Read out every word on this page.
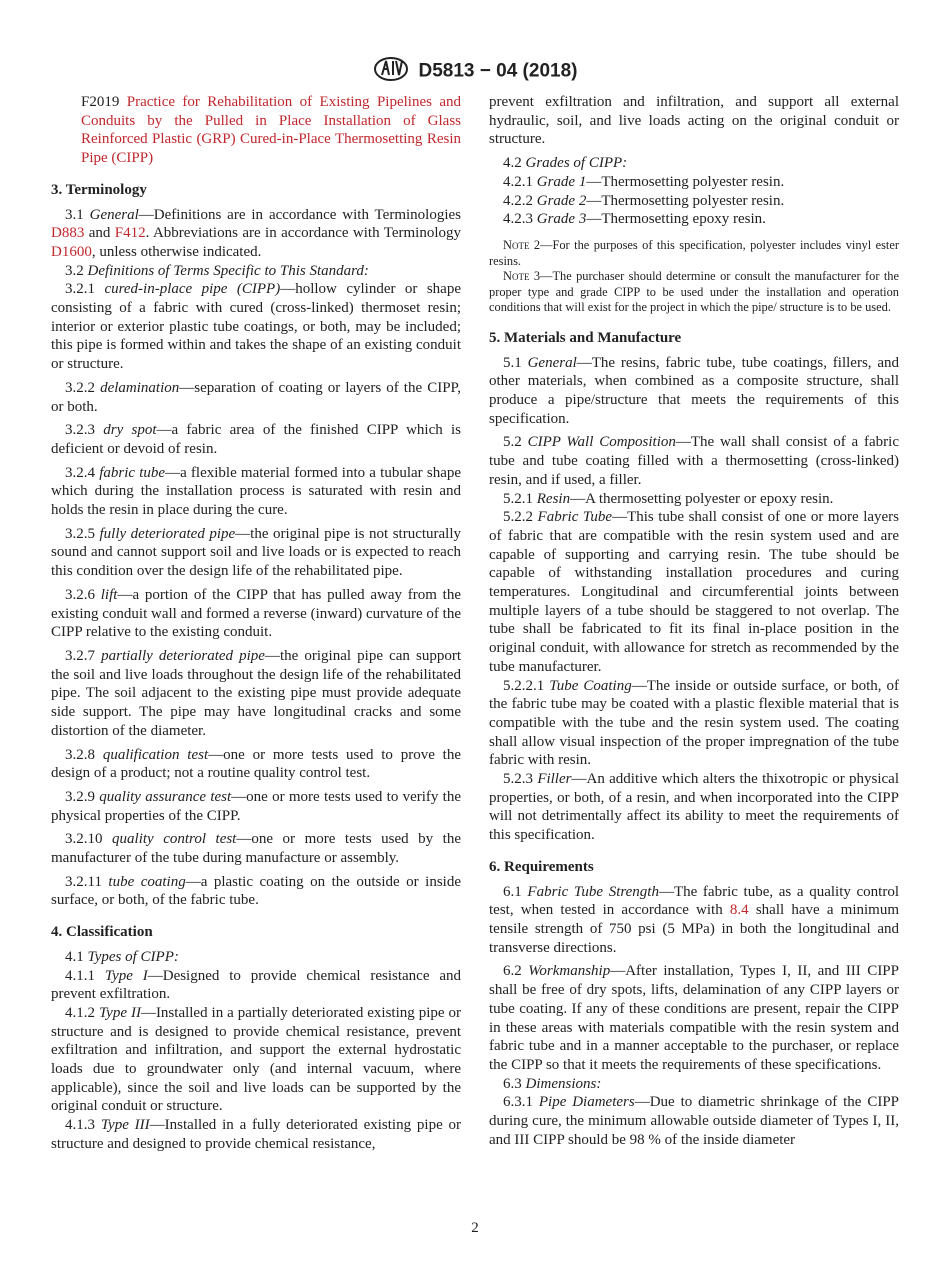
D5813 − 04 (2018)

F2019 Practice for Rehabilitation of Existing Pipelines and Conduits by the Pulled in Place Installation of Glass Reinforced Plastic (GRP) Cured-in-Place Thermosetting Resin Pipe (CIPP)

3. Terminology

3.1 General—Definitions are in accordance with Terminologies D883 and F412. Abbreviations are in accordance with Terminology D1600, unless otherwise indicated.

3.2 Definitions of Terms Specific to This Standard:

3.2.1 cured-in-place pipe (CIPP)—hollow cylinder or shape consisting of a fabric with cured (cross-linked) thermoset resin; interior or exterior plastic tube coatings, or both, may be included; this pipe is formed within and takes the shape of an existing conduit or structure.

3.2.2 delamination—separation of coating or layers of the CIPP, or both.

3.2.3 dry spot—a fabric area of the finished CIPP which is deficient or devoid of resin.

3.2.4 fabric tube—a flexible material formed into a tubular shape which during the installation process is saturated with resin and holds the resin in place during the cure.

3.2.5 fully deteriorated pipe—the original pipe is not structurally sound and cannot support soil and live loads or is expected to reach this condition over the design life of the rehabilitated pipe.

3.2.6 lift—a portion of the CIPP that has pulled away from the existing conduit wall and formed a reverse (inward) curvature of the CIPP relative to the existing conduit.

3.2.7 partially deteriorated pipe—the original pipe can support the soil and live loads throughout the design life of the rehabilitated pipe. The soil adjacent to the existing pipe must provide adequate side support. The pipe may have longitudinal cracks and some distortion of the diameter.

3.2.8 qualification test—one or more tests used to prove the design of a product; not a routine quality control test.

3.2.9 quality assurance test—one or more tests used to verify the physical properties of the CIPP.

3.2.10 quality control test—one or more tests used by the manufacturer of the tube during manufacture or assembly.

3.2.11 tube coating—a plastic coating on the outside or inside surface, or both, of the fabric tube.

4. Classification

4.1 Types of CIPP:

4.1.1 Type I—Designed to provide chemical resistance and prevent exfiltration.

4.1.2 Type II—Installed in a partially deteriorated existing pipe or structure and is designed to provide chemical resistance, prevent exfiltration and infiltration, and support the external hydrostatic loads due to groundwater only (and internal vacuum, where applicable), since the soil and live loads can be supported by the original conduit or structure.

4.1.3 Type III—Installed in a fully deteriorated existing pipe or structure and designed to provide chemical resistance,

prevent exfiltration and infiltration, and support all external hydraulic, soil, and live loads acting on the original conduit or structure.

4.2 Grades of CIPP:

4.2.1 Grade 1—Thermosetting polyester resin.

4.2.2 Grade 2—Thermosetting polyester resin.

4.2.3 Grade 3—Thermosetting epoxy resin.

Note 2—For the purposes of this specification, polyester includes vinyl ester resins.

Note 3—The purchaser should determine or consult the manufacturer for the proper type and grade CIPP to be used under the installation and operation conditions that will exist for the project in which the pipe/ structure is to be used.

5. Materials and Manufacture

5.1 General—The resins, fabric tube, tube coatings, fillers, and other materials, when combined as a composite structure, shall produce a pipe/structure that meets the requirements of this specification.

5.2 CIPP Wall Composition—The wall shall consist of a fabric tube and tube coating filled with a thermosetting (cross-linked) resin, and if used, a filler.

5.2.1 Resin—A thermosetting polyester or epoxy resin.

5.2.2 Fabric Tube—This tube shall consist of one or more layers of fabric that are compatible with the resin system used and are capable of supporting and carrying resin. The tube should be capable of withstanding installation procedures and curing temperatures. Longitudinal and circumferential joints between multiple layers of a tube should be staggered to not overlap. The tube shall be fabricated to fit its final in-place position in the original conduit, with allowance for stretch as recommended by the tube manufacturer.

5.2.2.1 Tube Coating—The inside or outside surface, or both, of the fabric tube may be coated with a plastic flexible material that is compatible with the tube and the resin system used. The coating shall allow visual inspection of the proper impregnation of the tube fabric with resin.

5.2.3 Filler—An additive which alters the thixotropic or physical properties, or both, of a resin, and when incorporated into the CIPP will not detrimentally affect its ability to meet the requirements of this specification.

6. Requirements

6.1 Fabric Tube Strength—The fabric tube, as a quality control test, when tested in accordance with 8.4 shall have a minimum tensile strength of 750 psi (5 MPa) in both the longitudinal and transverse directions.

6.2 Workmanship—After installation, Types I, II, and III CIPP shall be free of dry spots, lifts, delamination of any CIPP layers or tube coating. If any of these conditions are present, repair the CIPP in these areas with materials compatible with the resin system and fabric tube and in a manner acceptable to the purchaser, or replace the CIPP so that it meets the requirements of these specifications.

6.3 Dimensions:

6.3.1 Pipe Diameters—Due to diametric shrinkage of the CIPP during cure, the minimum allowable outside diameter of Types I, II, and III CIPP should be 98 % of the inside diameter

2
